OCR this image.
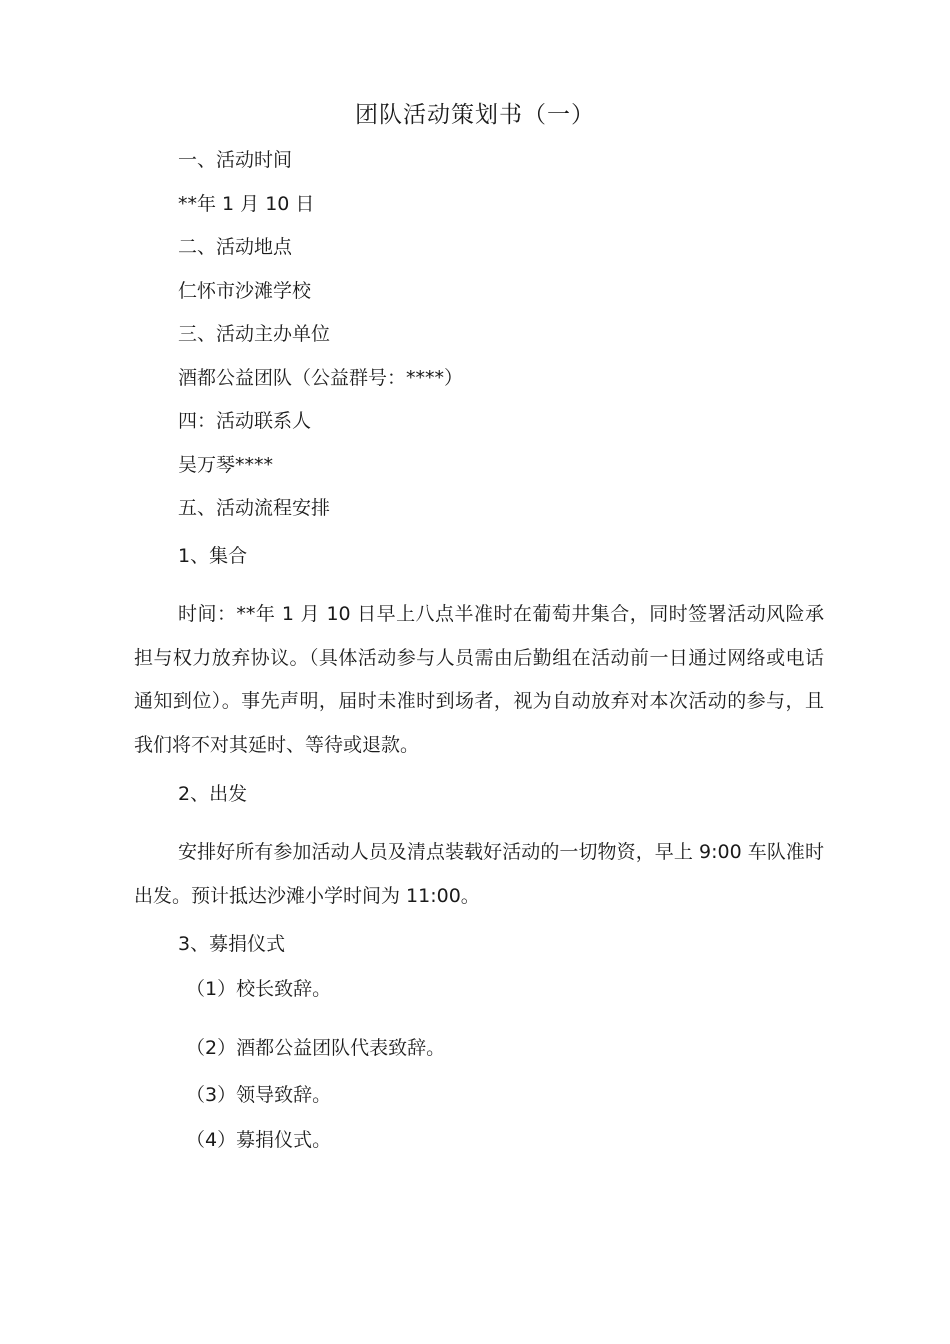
团队活动策划书（一）
一、活动时间
**年 1 月 10 日
二、活动地点
仁怀市沙滩学校
三、活动主办单位
酒都公益团队（公益群号：****）
四：活动联系人
吴万琴****
五、活动流程安排
1、集合
时间：**年 1 月 10 日早上八点半准时在葡萄井集合，同时签署活动风险承担与权力放弃协议。（具体活动参与人员需由后勤组在活动前一日通过网络或电话通知到位）。事先声明，届时未准时到场者，视为自动放弃对本次活动的参与，且我们将不对其延时、等待或退款。
2、出发
安排好所有参加活动人员及清点装载好活动的一切物资，早上 9:00 车队准时出发。预计抵达沙滩小学时间为 11:00。
3、募捐仪式
（1）校长致辞。
（2）酒都公益团队代表致辞。
（3）领导致辞。
（4）募捐仪式。
